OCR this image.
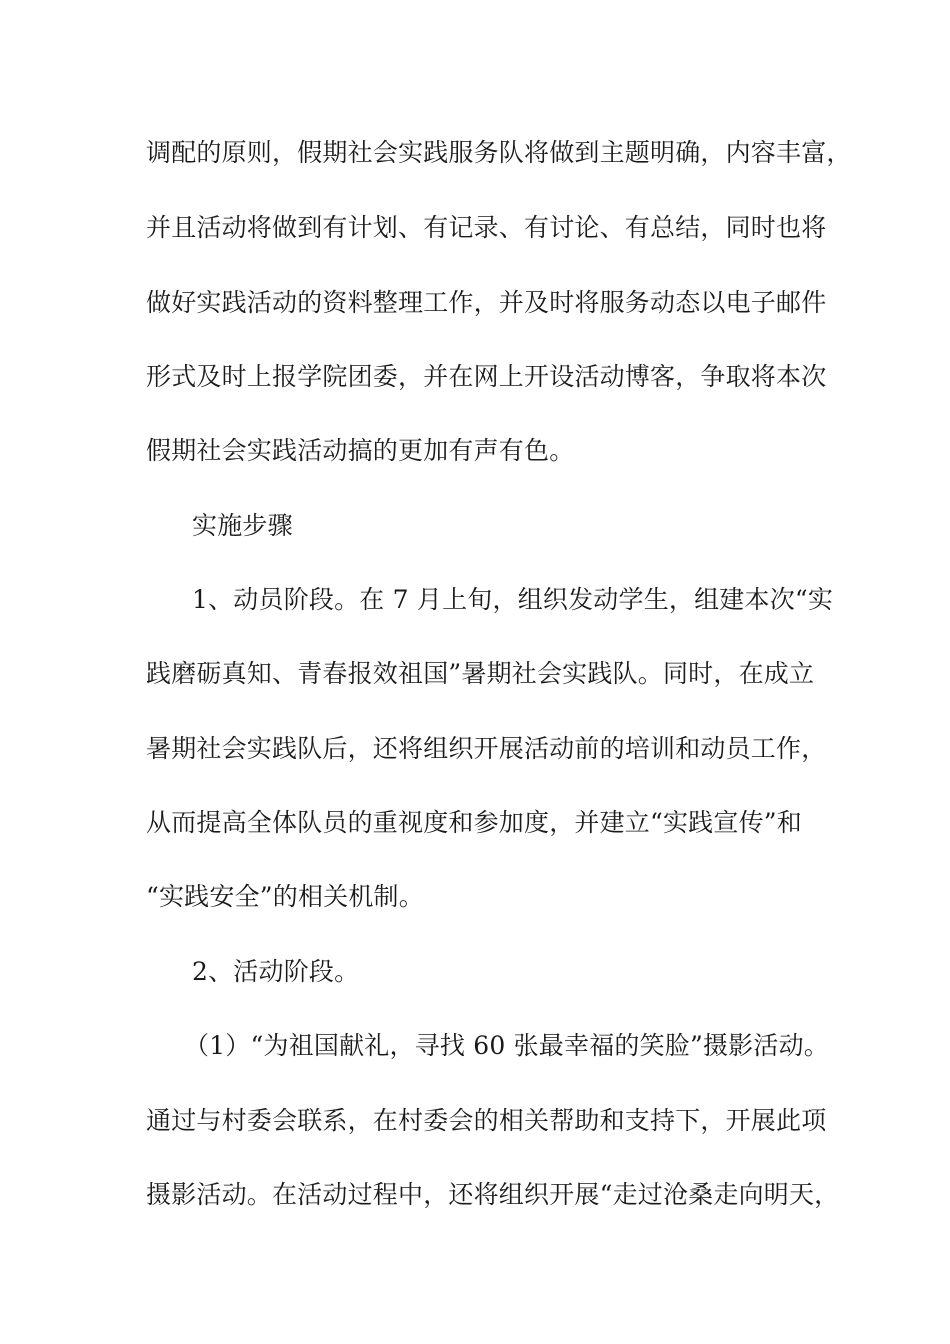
调配的原则，假期社会实践服务队将做到主题明确，内容丰富，
并且活动将做到有计划、有记录、有讨论、有总结，同时也将
做好实践活动的资料整理工作，并及时将服务动态以电子邮件
形式及时上报学院团委，并在网上开设活动博客，争取将本次
假期社会实践活动搞的更加有声有色。
实施步骤
1、动员阶段。在 7 月上旬，组织发动学生，组建本次“实
践磨砺真知、青春报效祖国”暑期社会实践队。同时，在成立
暑期社会实践队后，还将组织开展活动前的培训和动员工作，
从而提高全体队员的重视度和参加度，并建立“实践宣传”和
“实践安全”的相关机制。
2、活动阶段。
（1）“为祖国献礼，寻找 60 张最幸福的笑脸”摄影活动。
通过与村委会联系，在村委会的相关帮助和支持下，开展此项
摄影活动。在活动过程中，还将组织开展“走过沧桑走向明天，
